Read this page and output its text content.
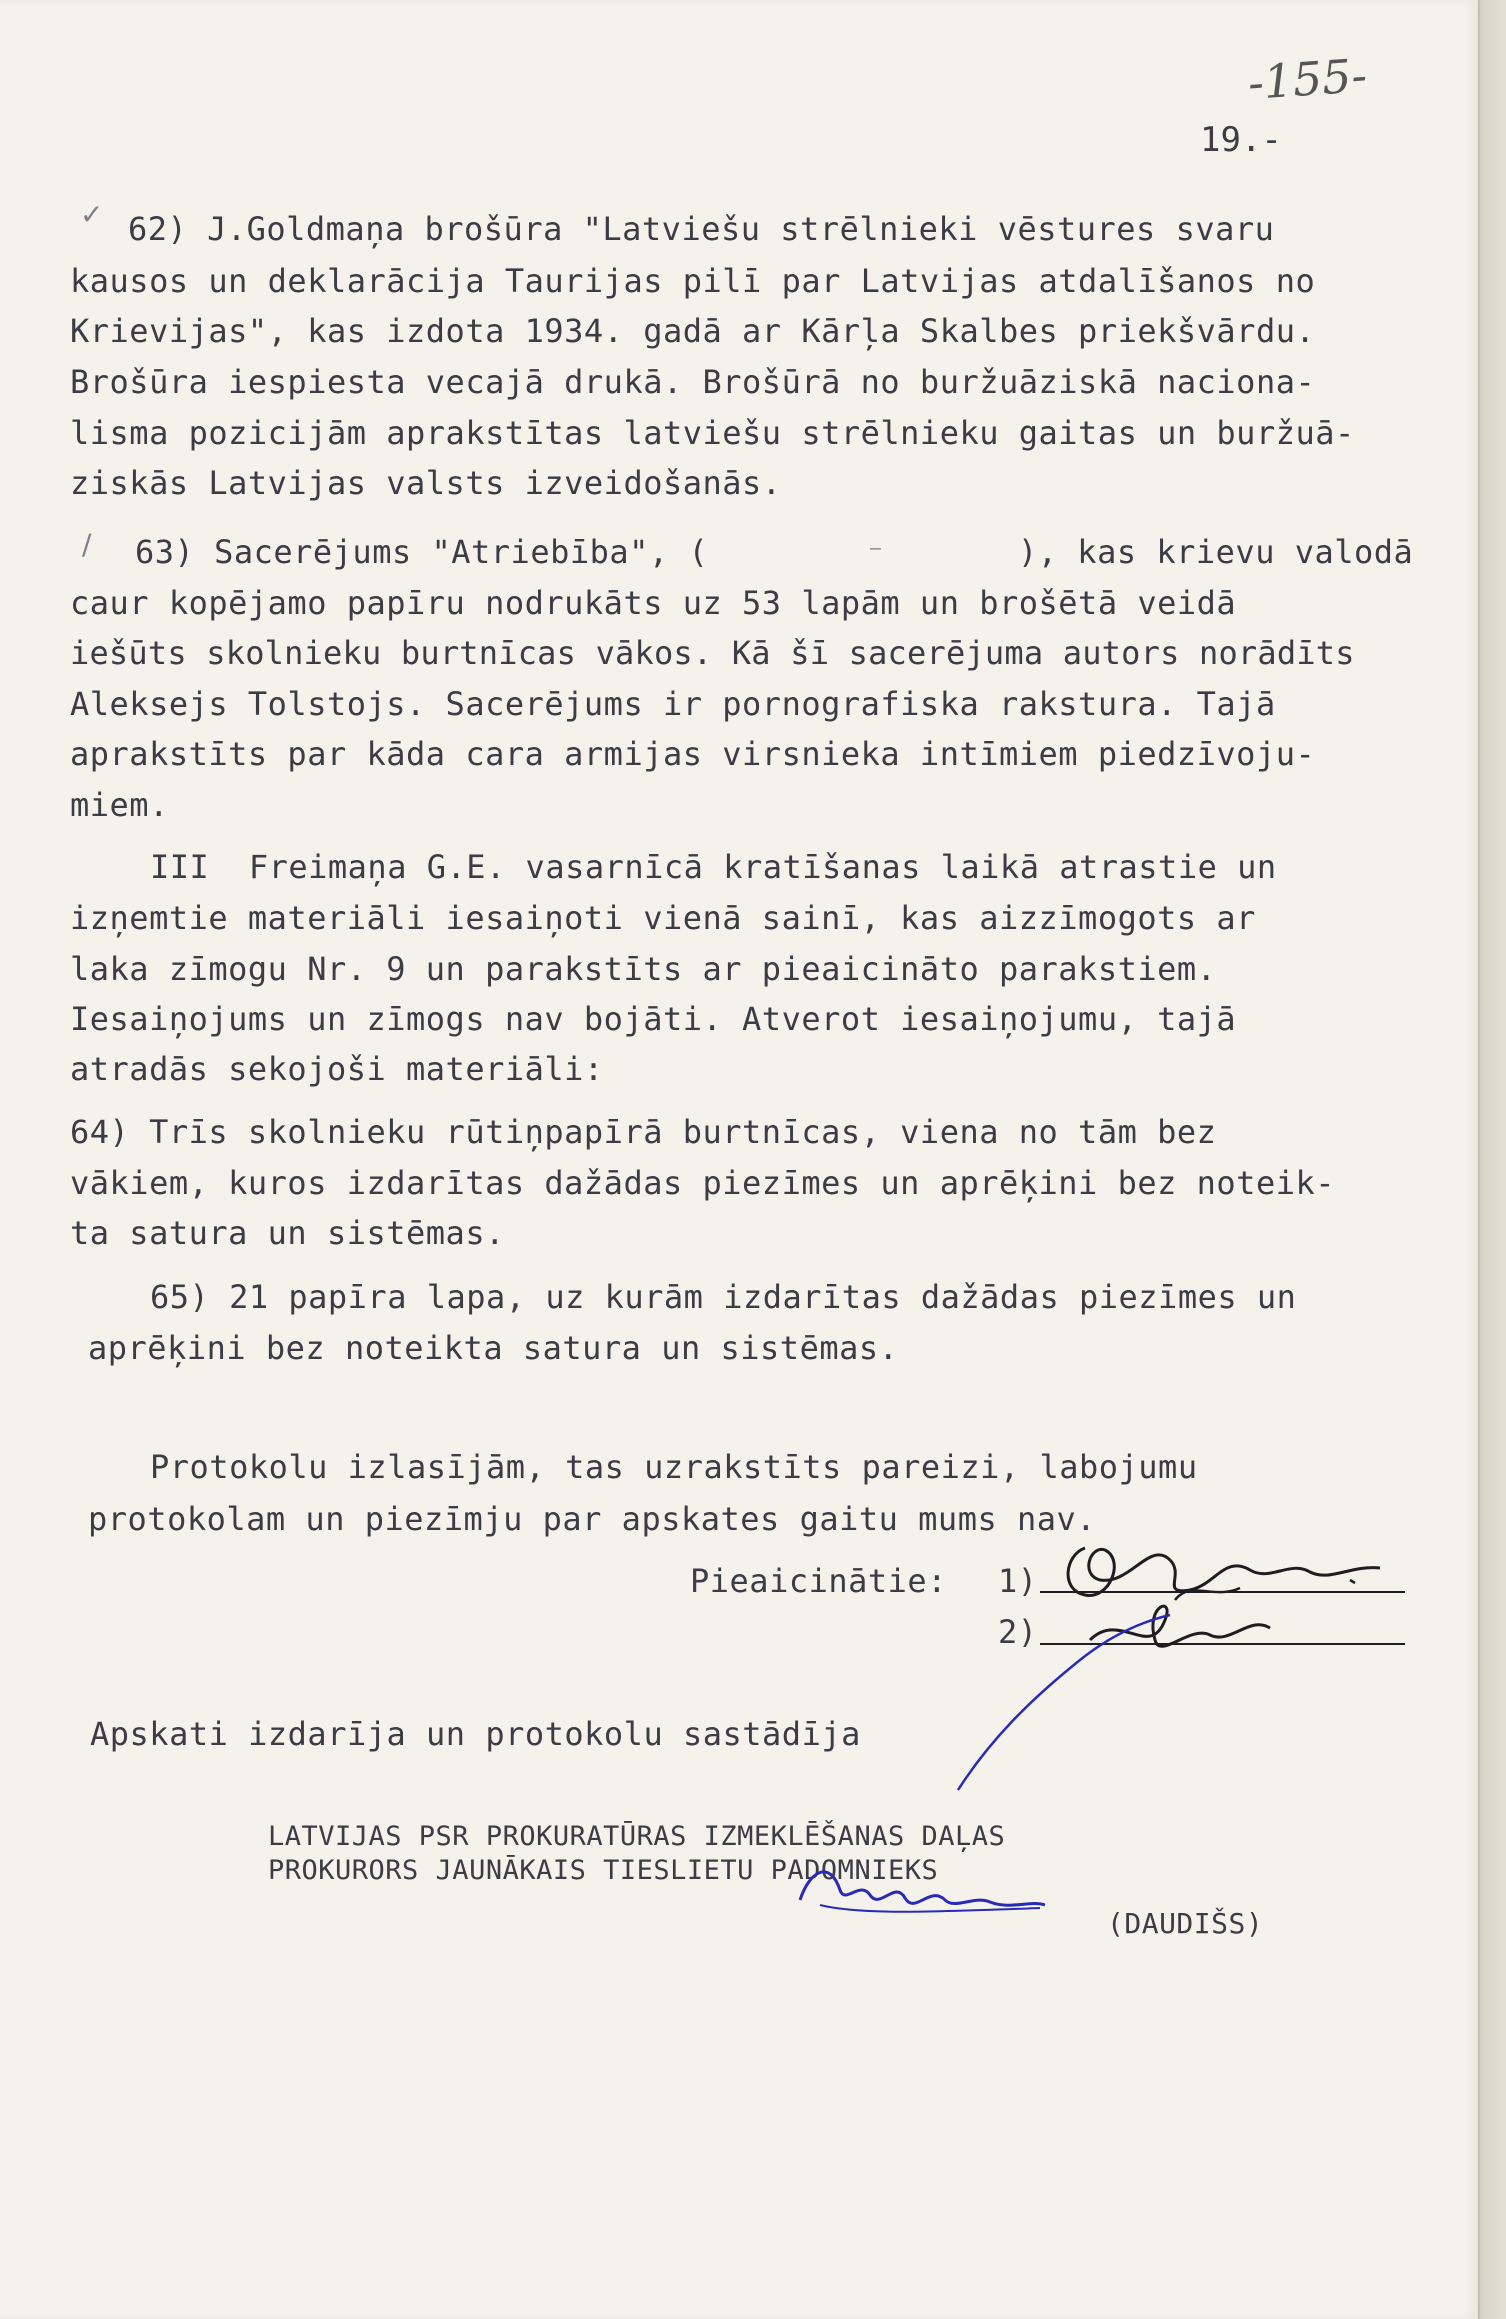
-155-
19.-
✓
∕

62) J.Goldmaņa brošūra "Latviešu strēlnieki vēstures svaru

kausos un deklarācija Taurijas pilī par Latvijas atdalīšanos no

Krievijas", kas izdota 1934. gadā ar Kārļa Skalbes priekšvārdu.

Brošūra iespiesta vecajā drukā. Brošūrā no buržuāziskā naciona-

lisma pozicijām aprakstītas latviešu strēlnieku gaitas un buržuā-

ziskās Latvijas valsts izveidošanās.

63) Sacerējums "Atriebība", (	—	), kas krievu valodā

caur kopējamo papīru nodrukāts uz 53 lapām un brošētā veidā

iešūts skolnieku burtnīcas vākos. Kā šī sacerējuma autors norādīts

Aleksejs Tolstojs. Sacerējums ir pornografiska rakstura. Tajā

aprakstīts par kāda cara armijas virsnieka intīmiem piedzīvoju-

miem.

III  Freimaņa G.E. vasarnīcā kratīšanas laikā atrastie un

izņemtie materiāli iesaiņoti vienā sainī, kas aizzīmogots ar

laka zīmogu Nr. 9 un parakstīts ar pieaicināto parakstiem.

Iesaiņojums un zīmogs nav bojāti. Atverot iesaiņojumu, tajā

atradās sekojoši materiāli:

64) Trīs skolnieku rūtiņpapīrā burtnīcas, viena no tām bez

vākiem, kuros izdarītas dažādas piezīmes un aprēķini bez noteik-

ta satura un sistēmas.

65) 21 papīra lapa, uz kurām izdarītas dažādas piezīmes un

aprēķini bez noteikta satura un sistēmas.

Protokolu izlasījām, tas uzrakstīts pareizi, labojumu

protokolam un piezīmju par apskates gaitu mums nav.

Pieaicinātie: 1)

2)

Apskati izdarīja un protokolu sastādīja

LATVIJAS PSR PROKURATŪRAS IZMEKLĒŠANAS DAĻAS

PROKURORS JAUNĀKAIS TIESLIETU PADOMNIEKS

(DAUDIŠS)
